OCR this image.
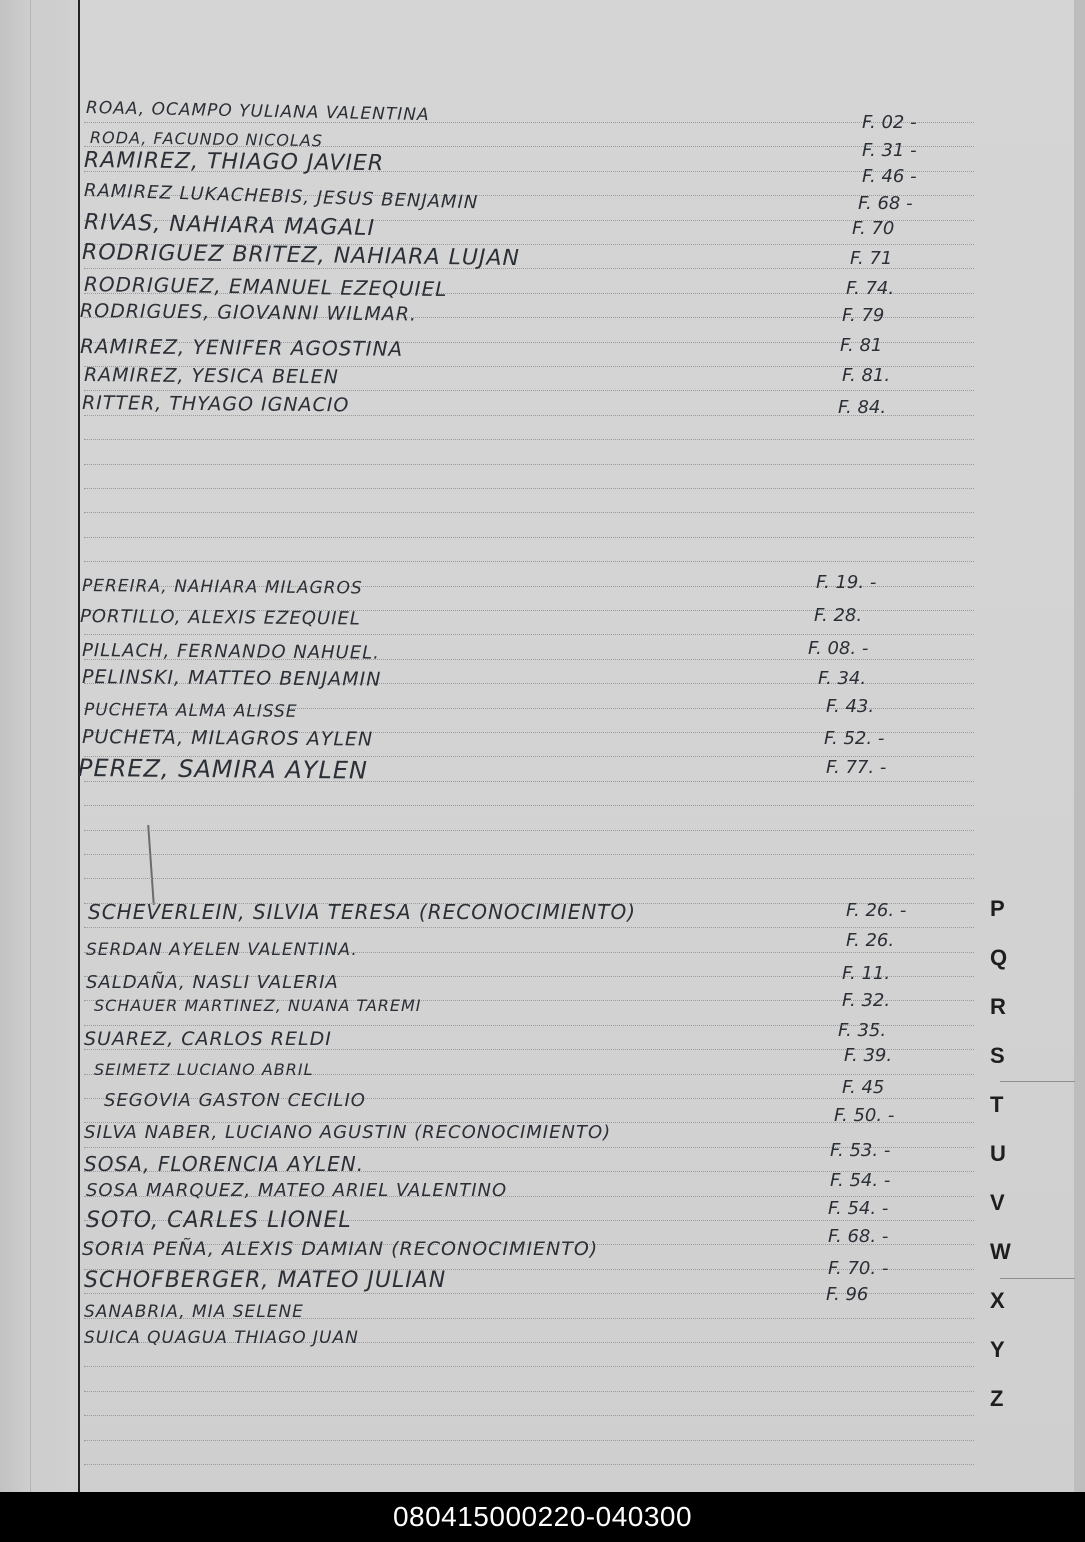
ROAA, OCAMPO YULIANA VALENTINA
RODA, FACUNDO NICOLAS
RAMIREZ, THIAGO JAVIER
RAMIREZ LUKACHEBIS, JESUS BENJAMIN
RIVAS, NAHIARA MAGALI
RODRIGUEZ BRITEZ, NAHIARA LUJAN
RODRIGUEZ, EMANUEL EZEQUIEL
RODRIGUES, GIOVANNI WILMAR.
RAMIREZ, YENIFER AGOSTINA
RAMIREZ, YESICA BELEN
RITTER, THYAGO IGNACIO
PEREIRA, NAHIARA MILAGROS
PORTILLO, ALEXIS EZEQUIEL
PILLACH, FERNANDO NAHUEL.
PELINSKI, MATTEO BENJAMIN
PUCHETA ALMA ALISSE
PUCHETA, MILAGROS AYLEN
PEREZ, SAMIRA AYLEN
SCHEVERLEIN, SILVIA TERESA (RECONOCIMIENTO)
SERDAN AYELEN VALENTINA.
SALDAÑA, NASLI VALERIA
SCHAUER MARTINEZ, NUANA TAREMI
SUAREZ, CARLOS RELDI
SEIMETZ LUCIANO ABRIL
SEGOVIA GASTON CECILIO
SILVA NABER, LUCIANO AGUSTIN (RECONOCIMIENTO)
SOSA, FLORENCIA AYLEN.
SOSA MARQUEZ, MATEO ARIEL VALENTINO
SOTO, CARLES LIONEL
SORIA PEÑA, ALEXIS DAMIAN (RECONOCIMIENTO)
SCHOFBERGER, MATEO JULIAN
SANABRIA, MIA SELENE
SUICA QUAGUA THIAGO JUAN
F. 02 -
F. 31 -
F. 46 -
F. 68 -
F. 70
F. 71
F. 74.
F. 79
F. 81
F. 81.
F. 84.
F. 19. -
F. 28.
F. 08. -
F. 34.
F. 43.
F. 52. -
F. 77. -
F. 26. -
F. 26.
F. 11.
F. 32.
F. 35.
F. 39.
F. 45
F. 50. -
F. 53. -
F. 54. -
F. 54. -
F. 68. -
F. 70. -
F. 96
P
Q
R
S
T
U
V
W
X
Y
Z
080415000220-040300
